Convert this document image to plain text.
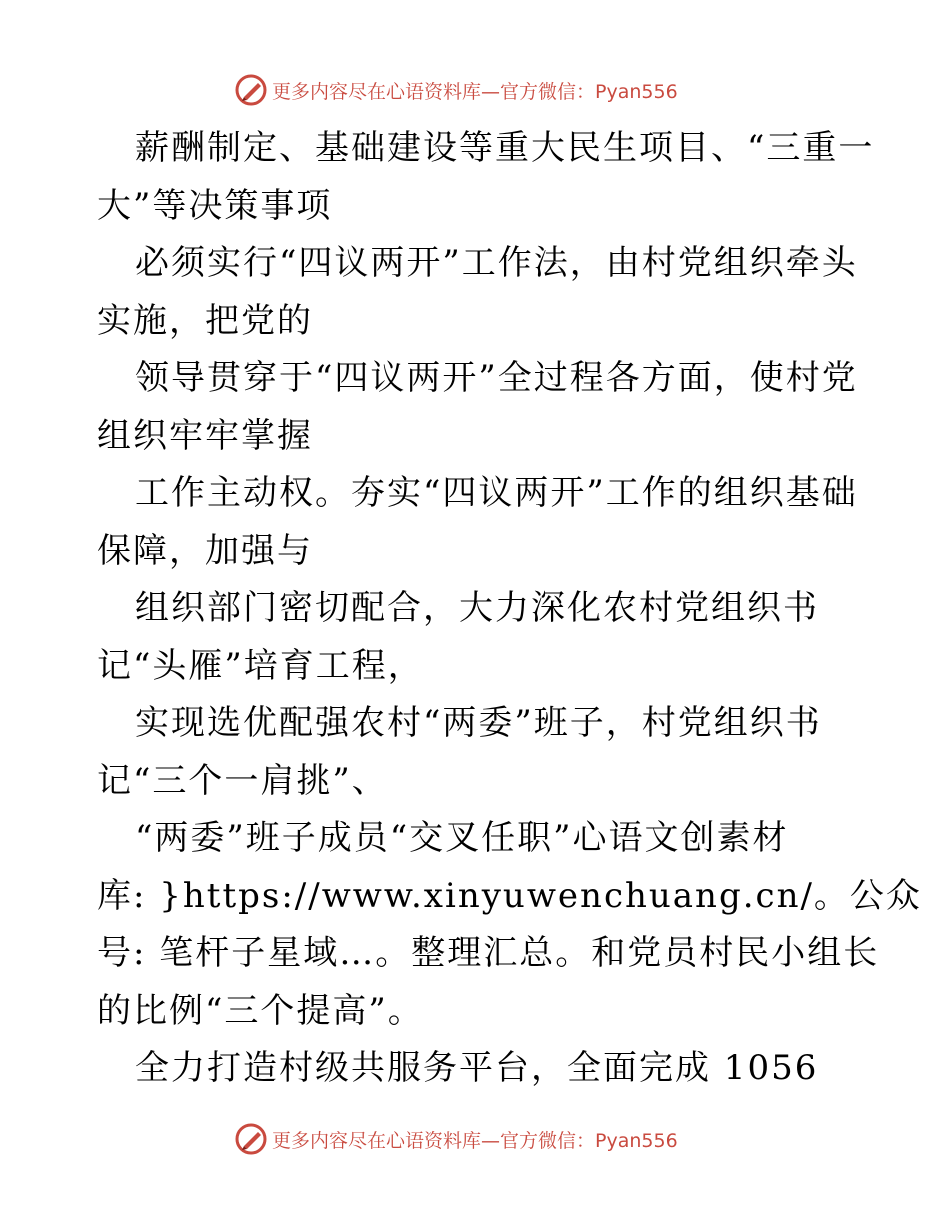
更多内容尽在心语资料库—官方微信：Pyan556
薪酬制定、基础建设等重大民生项目、“三重一
大”等决策事项
必须实行“四议两开”工作法，由村党组织牵头
实施，把党的
领导贯穿于“四议两开”全过程各方面，使村党
组织牢牢掌握
工作主动权。夯实“四议两开”工作的组织基础
保障，加强与
组织部门密切配合，大力深化农村党组织书
记“头雁”培育工程，
实现选优配强农村“两委”班子，村党组织书
记“三个一肩挑”、
“两委”班子成员“交叉任职”心语文创素材
库: }https://www.xinyuwenchuang.cn/。公众
号: 笔杆子星域…。整理汇总。和党员村民小组长
的比例“三个提高”。
全力打造村级共服务平台，全面完成 1056
更多内容尽在心语资料库—官方微信：Pyan556
